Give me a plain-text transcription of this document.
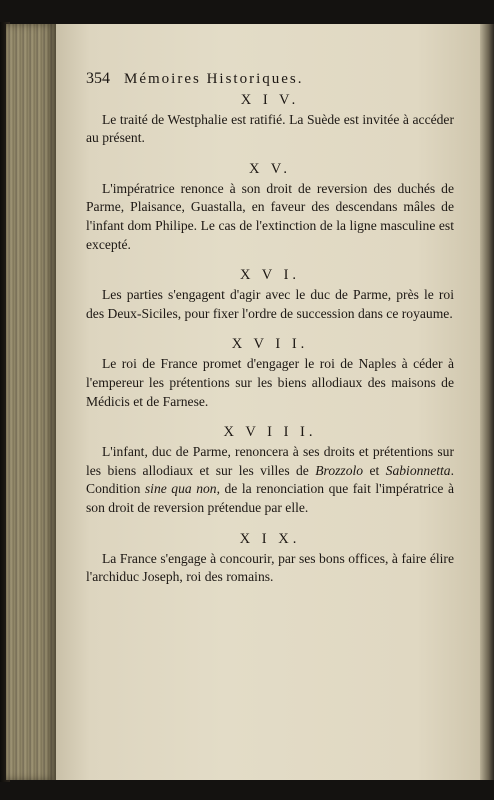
354 Mémoires Historiques.
X I V.

Le traité de Westphalie est ratifié. La Suède est invitée à accéder au présent.

X V.

L'impératrice renonce à son droit de reversion des duchés de Parme, Plaisance, Guastalla, en faveur des descendans mâles de l'infant dom Philipe. Le cas de l'extinction de la ligne masculine est excepté.

X V I.

Les parties s'engagent d'agir avec le duc de Parme, près le roi des Deux-Siciles, pour fixer l'ordre de succession dans ce royaume.

X V I I.

Le roi de France promet d'engager le roi de Naples à céder à l'empereur les prétentions sur les biens allodiaux des maisons de Médicis et de Farnese.

X V I I I.

L'infant, duc de Parme, renoncera à ses droits et prétentions sur les biens allodiaux et sur les villes de Brozzolo et Sabionnetta. Condition sine qua non, de la renonciation que fait l'impératrice à son droit de reversion prétendue par elle.

X I X.

La France s'engage à concourir, par ses bons offices, à faire élire l'archiduc Joseph, roi des romains.
